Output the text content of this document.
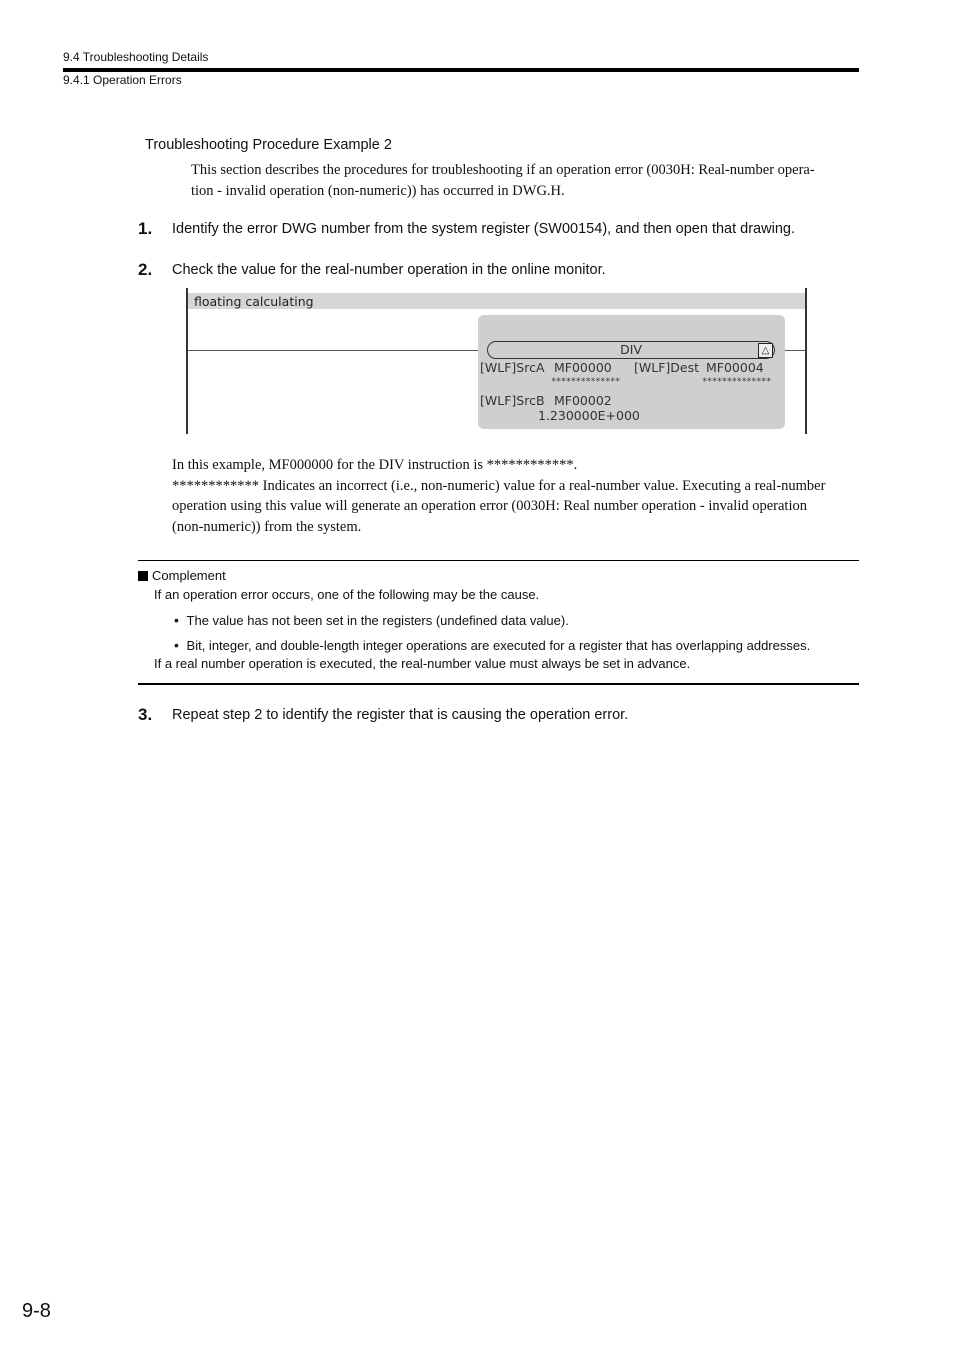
9.4 Troubleshooting Details
9.4.1 Operation Errors
Troubleshooting Procedure Example 2
This section describes the procedures for troubleshooting if an operation error (0030H: Real-number opera-
tion - invalid operation (non-numeric)) has occurred in DWG.H.
1. Identify the error DWG number from the system register (SW00154), and then open that drawing.
2. Check the value for the real-number operation in the online monitor.
floating calculating
DIV	△
[WLF]SrcA MF00000
**************
[WLF]Dest MF00004
**************
[WLF]SrcB MF00002
1.230000E+000
In this example, MF000000 for the DIV instruction is ************.
************ Indicates an incorrect (i.e., non-numeric) value for a real-number value. Executing a real-number
operation using this value will generate an operation error (0030H: Real number operation - invalid operation
(non-numeric)) from the system.
Complement
If an operation error occurs, one of the following may be the cause.
• The value has not been set in the registers (undefined data value).
• Bit, integer, and double-length integer operations are executed for a register that has overlapping addresses.
If a real number operation is executed, the real-number value must always be set in advance.
3. Repeat step 2 to identify the register that is causing the operation error.
9-8
